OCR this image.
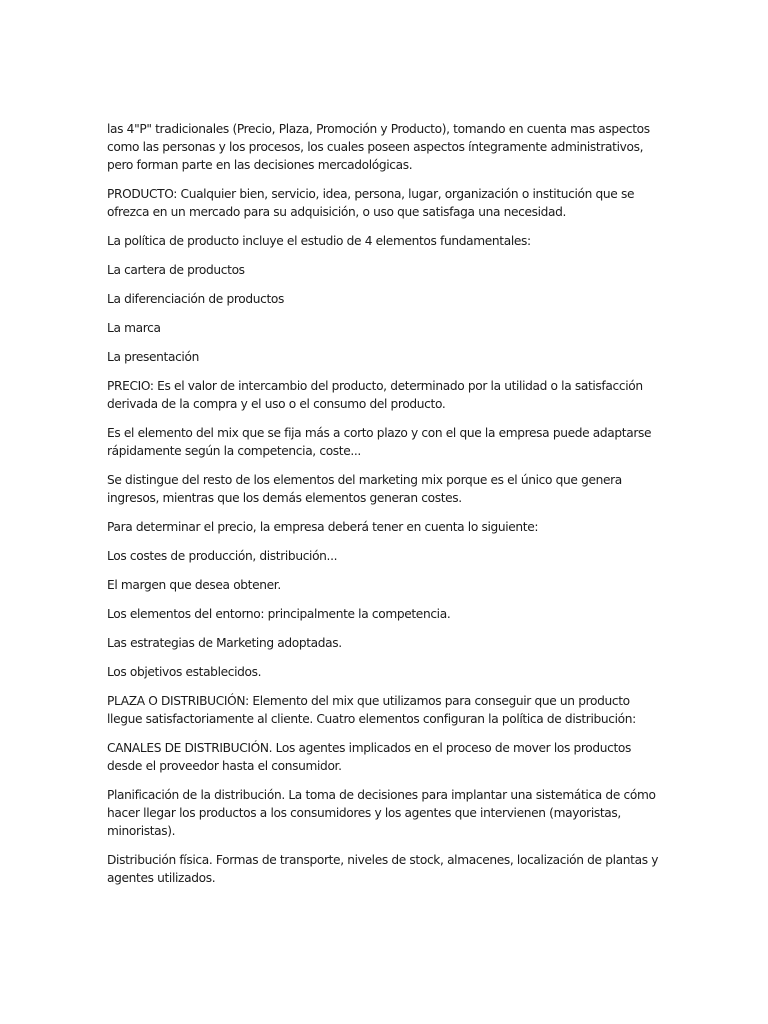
las 4"P" tradicionales (Precio, Plaza, Promoción y Producto), tomando en cuenta mas aspectos como las personas y los procesos, los cuales poseen aspectos íntegramente administrativos, pero forman parte en las decisiones mercadológicas.

PRODUCTO: Cualquier bien, servicio, idea, persona, lugar, organización o institución que se ofrezca en un mercado para su adquisición, o uso que satisfaga una necesidad.

La política de producto incluye el estudio de 4 elementos fundamentales:

La cartera de productos

La diferenciación de productos

La marca

La presentación

PRECIO: Es el valor de intercambio del producto, determinado por la utilidad o la satisfacción derivada de la compra y el uso o el consumo del producto.

Es el elemento del mix que se fija más a corto plazo y con el que la empresa puede adaptarse rápidamente según la competencia, coste...

Se distingue del resto de los elementos del marketing mix porque es el único que genera ingresos, mientras que los demás elementos generan costes.

Para determinar el precio, la empresa deberá tener en cuenta lo siguiente:

Los costes de producción, distribución...

El margen que desea obtener.

Los elementos del entorno: principalmente la competencia.

Las estrategias de Marketing adoptadas.

Los objetivos establecidos.

PLAZA O DISTRIBUCIÓN: Elemento del mix que utilizamos para conseguir que un producto llegue satisfactoriamente al cliente. Cuatro elementos configuran la política de distribución:

CANALES DE DISTRIBUCIÓN. Los agentes implicados en el proceso de mover los productos desde el proveedor hasta el consumidor.

Planificación de la distribución. La toma de decisiones para implantar una sistemática de cómo hacer llegar los productos a los consumidores y los agentes que intervienen (mayoristas, minoristas).

Distribución física. Formas de transporte, niveles de stock, almacenes, localización de plantas y agentes utilizados.
